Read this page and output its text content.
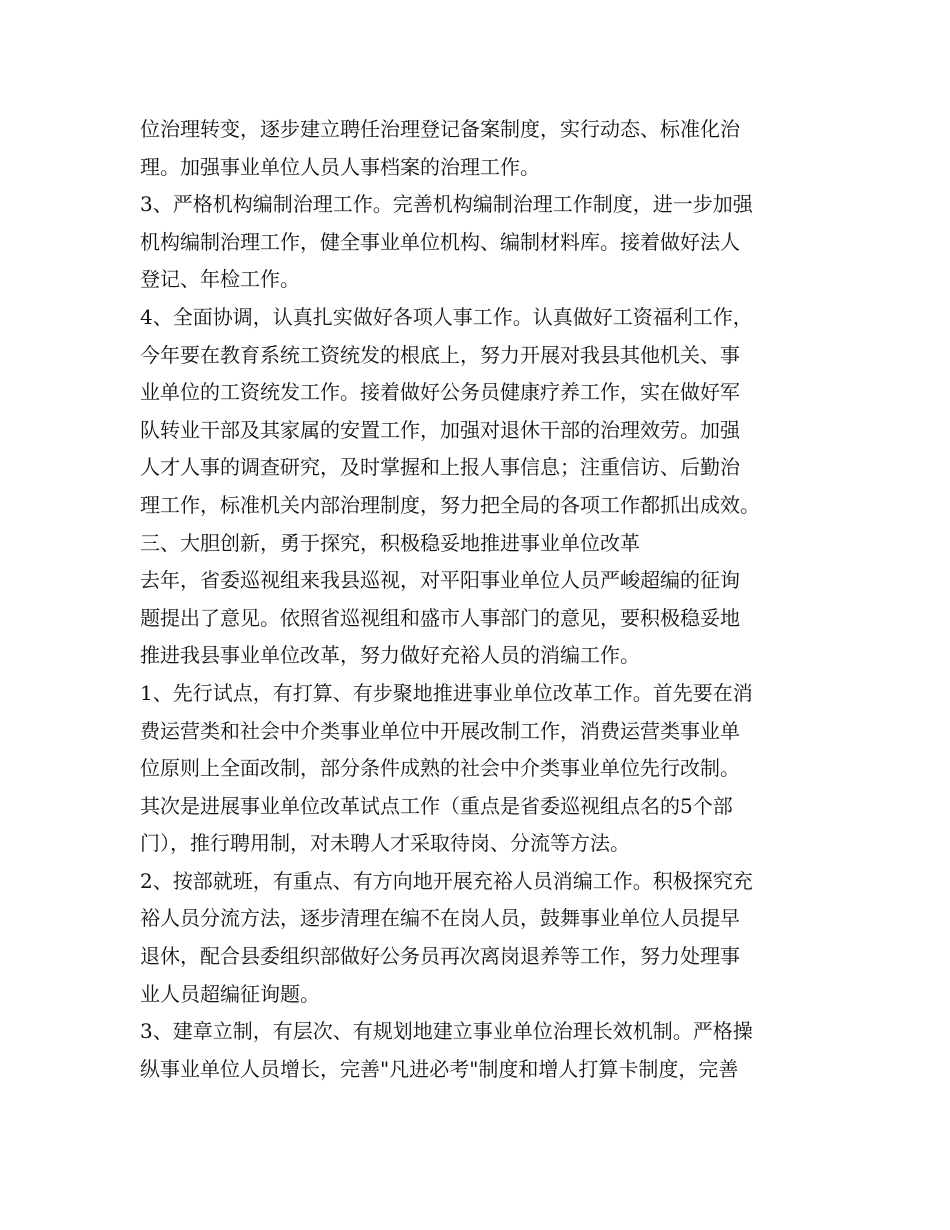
位治理转变，逐步建立聘任治理登记备案制度，实行动态、标准化治
理。加强事业单位人员人事档案的治理工作。
3、严格机构编制治理工作。完善机构编制治理工作制度，进一步加强
机构编制治理工作，健全事业单位机构、编制材料库。接着做好法人
登记、年检工作。
4、全面协调，认真扎实做好各项人事工作。认真做好工资福利工作，
今年要在教育系统工资统发的根底上，努力开展对我县其他机关、事
业单位的工资统发工作。接着做好公务员健康疗养工作，实在做好军
队转业干部及其家属的安置工作，加强对退休干部的治理效劳。加强
人才人事的调查研究，及时掌握和上报人事信息；注重信访、后勤治
理工作，标准机关内部治理制度，努力把全局的各项工作都抓出成效。
三、大胆创新，勇于探究，积极稳妥地推进事业单位改革
去年，省委巡视组来我县巡视，对平阳事业单位人员严峻超编的征询
题提出了意见。依照省巡视组和盛市人事部门的意见，要积极稳妥地
推进我县事业单位改革，努力做好充裕人员的消编工作。
1、先行试点，有打算、有步聚地推进事业单位改革工作。首先要在消
费运营类和社会中介类事业单位中开展改制工作，消费运营类事业单
位原则上全面改制，部分条件成熟的社会中介类事业单位先行改制。
其次是进展事业单位改革试点工作（重点是省委巡视组点名的5个部
门），推行聘用制，对未聘人才采取待岗、分流等方法。
2、按部就班，有重点、有方向地开展充裕人员消编工作。积极探究充
裕人员分流方法，逐步清理在编不在岗人员，鼓舞事业单位人员提早
退休，配合县委组织部做好公务员再次离岗退养等工作，努力处理事
业人员超编征询题。
3、建章立制，有层次、有规划地建立事业单位治理长效机制。严格操
纵事业单位人员增长，完善"凡进必考"制度和增人打算卡制度，完善
